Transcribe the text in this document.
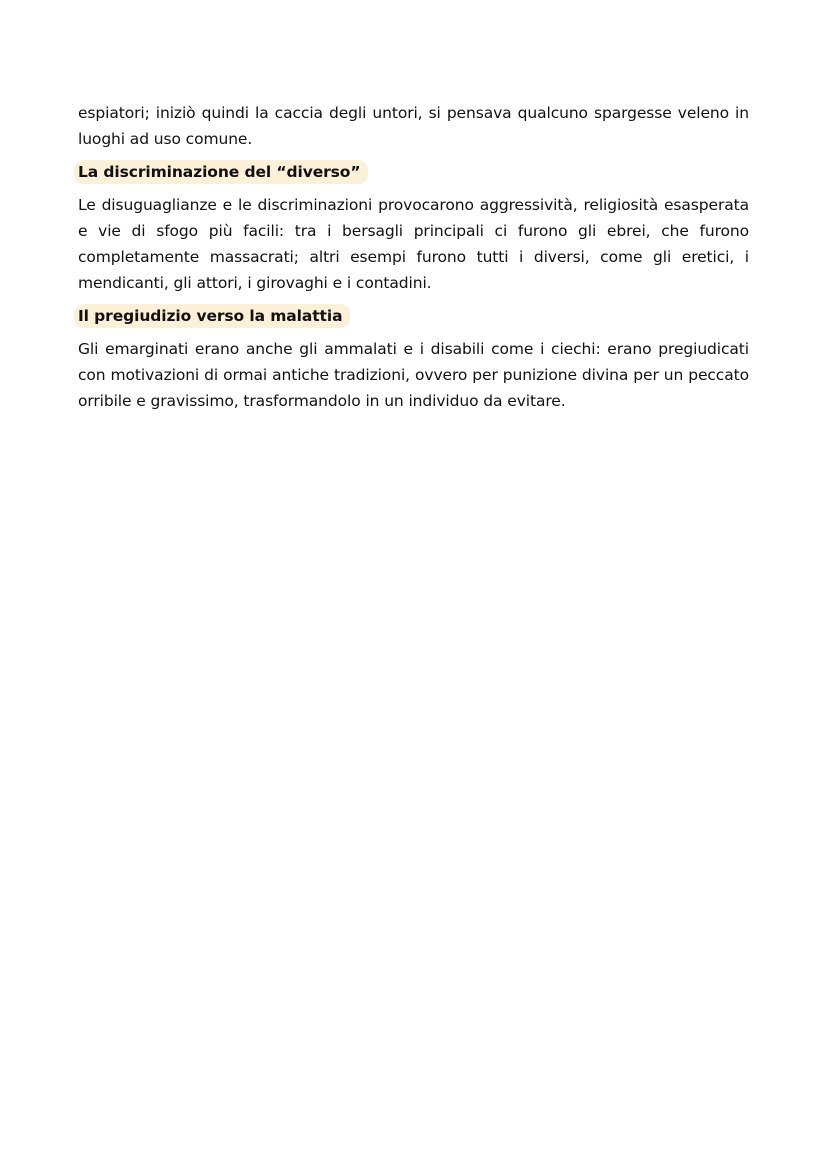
espiatori; iniziò quindi la caccia degli untori, si pensava qualcuno spargesse veleno in luoghi ad uso comune.

La discriminazione del “diverso”

Le disuguaglianze e le discriminazioni provocarono aggressività, religiosità esasperata e vie di sfogo più facili: tra i bersagli principali ci furono gli ebrei, che furono completamente massacrati; altri esempi furono tutti i diversi, come gli eretici, i mendicanti, gli attori, i girovaghi e i contadini.

Il pregiudizio verso la malattia

Gli emarginati erano anche gli ammalati e i disabili come i ciechi: erano pregiudicati con motivazioni di ormai antiche tradizioni, ovvero per punizione divina per un peccato orribile e gravissimo, trasformandolo in un individuo da evitare.
